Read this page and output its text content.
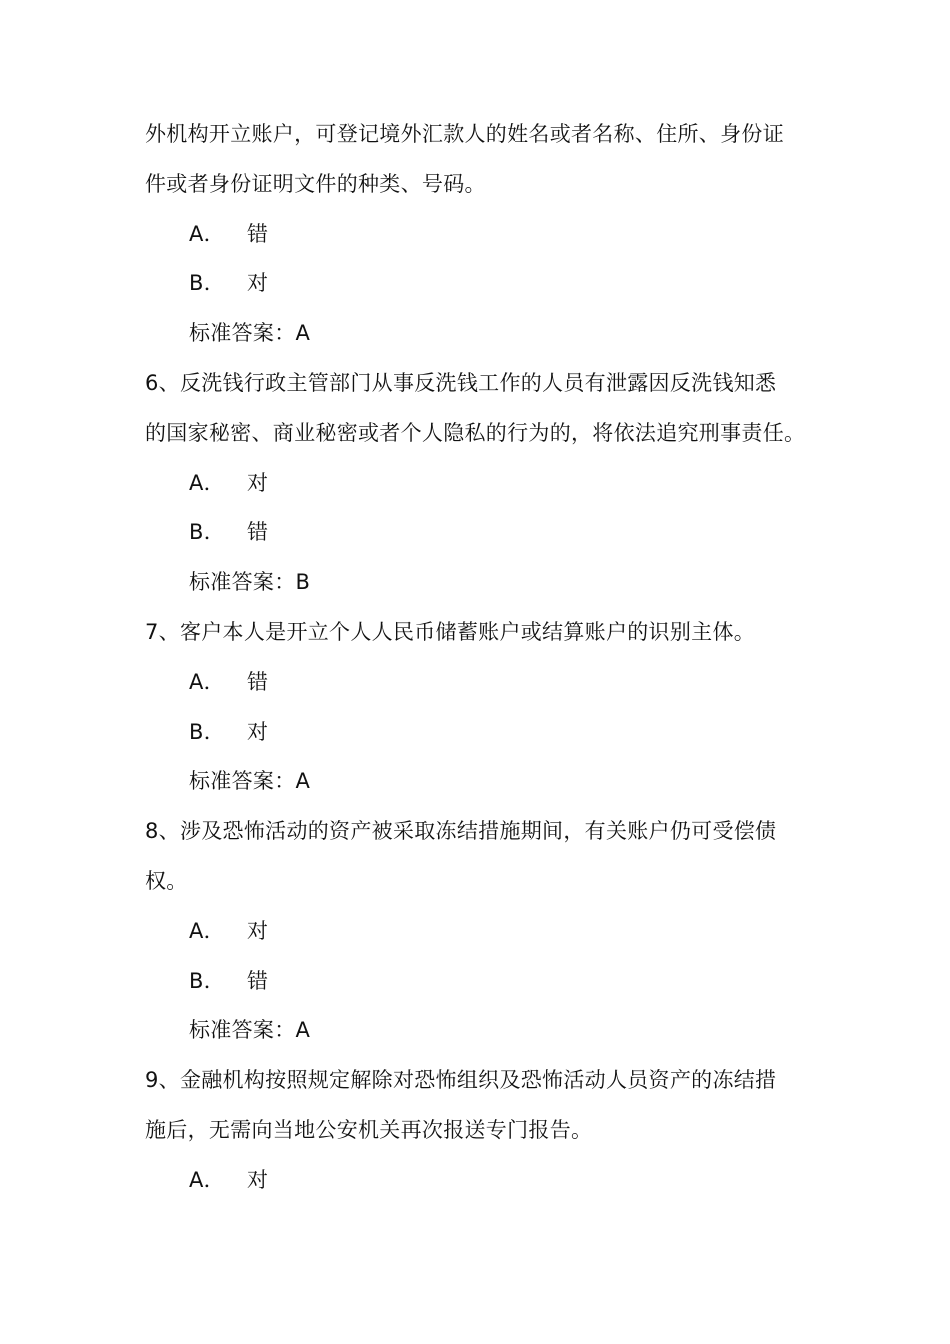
外机构开立账户，可登记境外汇款人的姓名或者名称、住所、身份证
件或者身份证明文件的种类、号码。
A． 错
B． 对
标准答案：A
6、反洗钱行政主管部门从事反洗钱工作的人员有泄露因反洗钱知悉
的国家秘密、商业秘密或者个人隐私的行为的，将依法追究刑事责任。
A． 对
B． 错
标准答案：B
7、客户本人是开立个人人民币储蓄账户或结算账户的识别主体。
A． 错
B． 对
标准答案：A
8、涉及恐怖活动的资产被采取冻结措施期间，有关账户仍可受偿债
权。
A． 对
B． 错
标准答案：A
9、金融机构按照规定解除对恐怖组织及恐怖活动人员资产的冻结措
施后，无需向当地公安机关再次报送专门报告。
A． 对
